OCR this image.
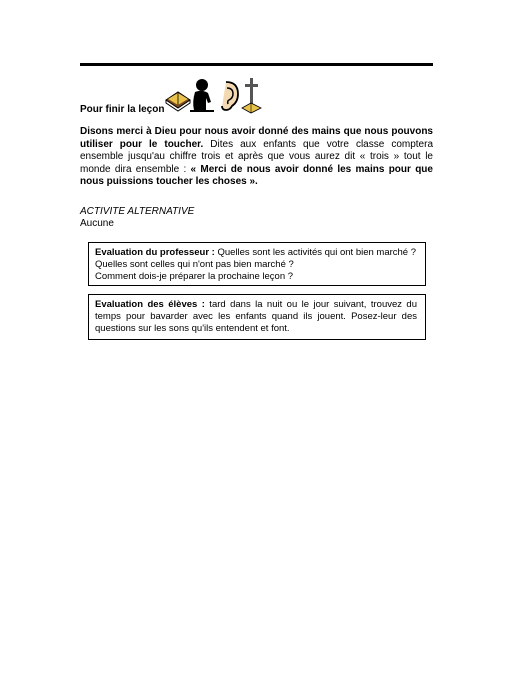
Pour finir la leçon
Disons merci à Dieu pour nous avoir donné des mains que nous pouvons utiliser pour le toucher. Dites aux enfants que votre classe comptera ensemble jusqu'au chiffre trois et après que vous aurez dit « trois » tout le monde dira ensemble : « Merci de nous avoir donné les mains pour que nous puissions toucher les choses ».
ACTIVITE ALTERNATIVE
Aucune
Evaluation du professeur : Quelles sont les activités qui ont bien marché ? Quelles sont celles qui n'ont pas bien marché ?
Comment dois-je préparer la prochaine leçon ?
Evaluation des élèves : tard dans la nuit ou le jour suivant, trouvez du temps pour bavarder avec les enfants quand ils jouent. Posez-leur des questions sur les sons qu'ils entendent et font.
